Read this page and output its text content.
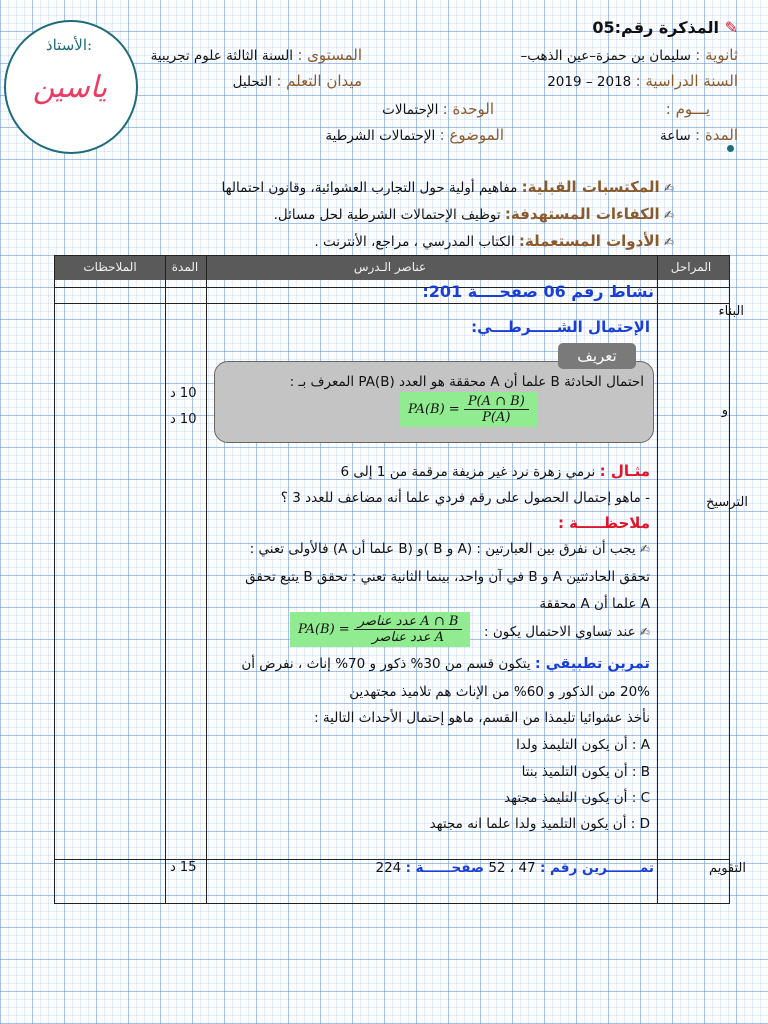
الأستاذ:
ياسين
✎ المذكرة رقم:05
ثانوية : سليمان بن حمزة–عين الذهب–
المستوى : السنة الثالثة علوم تجريبية
السنة الدراسية : 2018 – 2019
ميدان التعلم : التحليل
يـــوم :
الوحدة : الإحتمالات
المدة : ساعة
الموضوع : الإحتمالات الشرطية
✍ المكتسبات القبلية: مفاهيم أولية حول التجارب العشوائية، وقانون احتمالها
✍ الكفاءات المستهدفة: توظيف الإحتمالات الشرطية لحل مسائل.
✍ الأدوات المستعملة: الكتاب المدرسي ، مراجع، الأنترنت .
المراحل
عناصر الـدرس
المدة
الملاحظات
البناء
و
الترسيخ
التقويم
10 د
10 د
15 د
نشاط رقم 06 صفحــــة 201:
الإحتمال الشـــــرطـــي:
تعريف
احتمال الحادثة B علما أن A محققة هو العدد PA(B) المعرف بـ :
$PA(B) = \frac{P(A \cap B)}{P(A)}$
مثـال : نرمي زهرة نرد غير مزيفة مرقمة من 1 إلى 6
- ماهو إحتمال الحصول على رقم فردي علما أنه مضاعف للعدد 3 ؟
ملاحظـــــة :
✍ يجب أن نفرق بين العبارتين : (A و B )و (B علما أن A) فالأولى تعني :
تحقق الحادثتين A و B في آن واحد، بينما الثانية تعني : تحقق B يتبع تحقق
A علما أن A محققة
✍ عند تساوي الاحتمال يكون :
$PA(B) = \frac{\text{عدد عناصر A ∩ B}}{\text{عدد عناصر A}}$
تمرين تطبيقي : يتكون قسم من 30% ذكور و 70% إناث ، نفرض أن
20% من الذكور و 60% من الإناث هم تلاميذ مجتهدين
نأخذ عشوائيا تليمذا من القسم، ماهو إحتمال الأحداث التالية :
A : أن يكون التليمذ ولدا
B : أن يكون التلميذ بنتا
C : أن يكون التليمذ مجتهد
D : أن يكون التلميذ ولدا علما انه مجتهد
تمـــــــرين رقم : 47 ، 52 صفحــــــة : 224
